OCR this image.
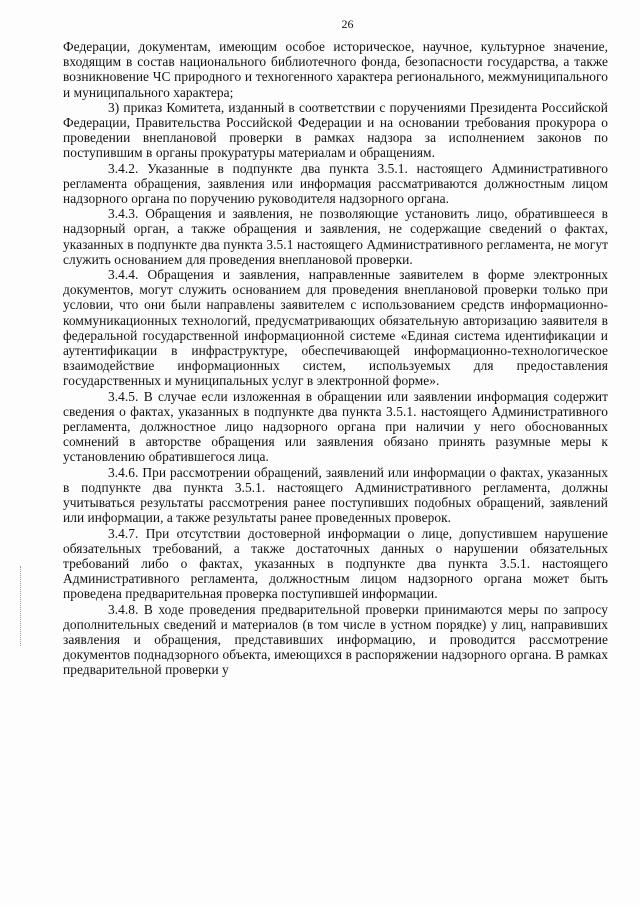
26

Федерации, документам, имеющим особое историческое, научное, культурное значение, входящим в состав национального библиотечного фонда, безопасности государства, а также возникновение ЧС природного и техногенного характера регионального, межмуниципального и муниципального характера;

3) приказ Комитета, изданный в соответствии с поручениями Президента Российской Федерации, Правительства Российской Федерации и на основании требования прокурора о проведении внеплановой проверки в рамках надзора за исполнением законов по поступившим в органы прокуратуры материалам и обращениям.

3.4.2. Указанные в подпункте два пункта 3.5.1. настоящего Административного регламента обращения, заявления или информация рассматриваются должностным лицом надзорного органа по поручению руководителя надзорного органа.

3.4.3. Обращения и заявления, не позволяющие установить лицо, обратившееся в надзорный орган, а также обращения и заявления, не содержащие сведений о фактах, указанных в подпункте два пункта 3.5.1 настоящего Административного регламента, не могут служить основанием для проведения внеплановой проверки.

3.4.4. Обращения и заявления, направленные заявителем в форме электронных документов, могут служить основанием для проведения внеплановой проверки только при условии, что они были направлены заявителем с использованием средств информационно-коммуникационных технологий, предусматривающих обязательную авторизацию заявителя в федеральной государственной информационной системе «Единая система идентификации и аутентификации в инфраструктуре, обеспечивающей информационно-технологическое взаимодействие информационных систем, используемых для предоставления государственных и муниципальных услуг в электронной форме».

3.4.5. В случае если изложенная в обращении или заявлении информация содержит сведения о фактах, указанных в подпункте два пункта 3.5.1. настоящего Административного регламента, должностное лицо надзорного органа при наличии у него обоснованных сомнений в авторстве обращения или заявления обязано принять разумные меры к установлению обратившегося лица.

3.4.6. При рассмотрении обращений, заявлений или информации о фактах, указанных в подпункте два пункта 3.5.1. настоящего Административного регламента, должны учитываться результаты рассмотрения ранее поступивших подобных обращений, заявлений или информации, а также результаты ранее проведенных проверок.

3.4.7. При отсутствии достоверной информации о лице, допустившем нарушение обязательных требований, а также достаточных данных о нарушении обязательных требований либо о фактах, указанных в подпункте два пункта 3.5.1. настоящего Административного регламента, должностным лицом надзорного органа может быть проведена предварительная проверка поступившей информации.

3.4.8. В ходе проведения предварительной проверки принимаются меры по запросу дополнительных сведений и материалов (в том числе в устном порядке) у лиц, направивших заявления и обращения, представивших информацию, и проводится рассмотрение документов поднадзорного объекта, имеющихся в распоряжении надзорного органа. В рамках предварительной проверки у
